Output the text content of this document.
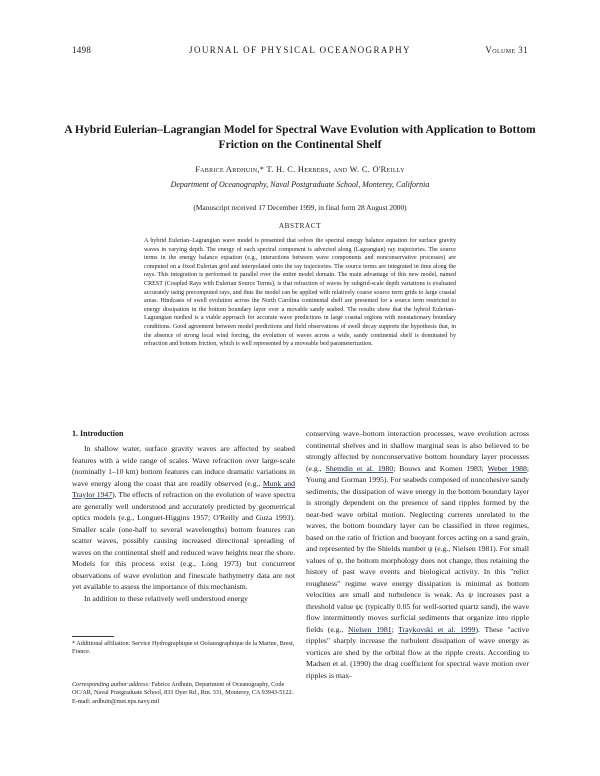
1498	JOURNAL OF PHYSICAL OCEANOGRAPHY	Volume 31
A Hybrid Eulerian–Lagrangian Model for Spectral Wave Evolution with Application to Bottom Friction on the Continental Shelf
Fabrice Ardhuin,* T. H. C. Herbers, and W. C. O'Reilly
Department of Oceanography, Naval Postgraduate School, Monterey, California
(Manuscript received 17 December 1999, in final form 28 August 2000)
ABSTRACT
A hybrid Eulerian–Lagrangian wave model is presented that solves the spectral energy balance equation for surface gravity waves in varying depth. The energy of each spectral component is advected along (Lagrangian) ray trajectories. The source terms in the energy balance equation (e.g., interactions between wave components and nonconservative processes) are computed on a fixed Eulerian grid and interpolated onto the ray trajectories. The source terms are integrated in time along the rays. This integration is performed in parallel over the entire model domain. The main advantage of this new model, named CREST (Coupled Rays with Eulerian Source Terms), is that refraction of waves by subgrid-scale depth variations is evaluated accurately using precomputed rays, and thus the model can be applied with relatively coarse source term grids to large coastal areas. Hindcasts of swell evolution across the North Carolina continental shelf are presented for a source term restricted to energy dissipation in the bottom boundary layer over a movable sandy seabed. The results show that the hybrid Eulerian–Lagrangian method is a viable approach for accurate wave predictions in large coastal regions with nonstationary boundary conditions. Good agreement between model predictions and field observations of swell decay supports the hypothesis that, in the absence of strong local wind forcing, the evolution of waves across a wide, sandy continental shelf is dominated by refraction and bottom friction, which is well represented by a moveable bed parameterization.
1. Introduction

In shallow water, surface gravity waves are affected by seabed features with a wide range of scales. Wave refraction over large-scale (nominally 1–10 km) bottom features can induce dramatic variations in wave energy along the coast that are readily observed (e.g., Munk and Traylor 1947). The effects of refraction on the evolution of wave spectra are generally well understood and accurately predicted by geometrical optics models (e.g., Longuet-Higgins 1957; O'Reilly and Guza 1993). Smaller scale (one-half to several wavelengths) bottom features can scatter waves, possibly causing increased directional spreading of waves on the continental shelf and reduced wave heights near the shore. Models for this process exist (e.g., Long 1973) but concurrent observations of wave evolution and finescale bathymetry data are not yet available to assess the importance of this mechanism.

In addition to these relatively well understood energy

conserving wave–bottom interaction processes, wave evolution across continental shelves and in shallow marginal seas is also believed to be strongly affected by nonconservative bottom boundary layer processes (e.g., Shemdin et al. 1980; Bouws and Komen 1983; Weber 1988; Young and Gorman 1995). For seabeds composed of noncohesive sandy sediments, the dissipation of wave energy in the bottom boundary layer is strongly dependent on the presence of sand ripples formed by the near-bed wave orbital motion. Neglecting currents unrelated to the waves, the bottom boundary layer can be classified in three regimes, based on the ratio of friction and buoyant forces acting on a sand grain, and represented by the Shields number ψ (e.g., Nielsen 1981). For small values of ψ, the bottom morphology does not change, thus retaining the history of past wave events and biological activity. In this "relict roughness" regime wave energy dissipation is minimal as bottom velocities are small and turbulence is weak. As ψ increases past a threshold value ψc (typically 0.05 for well-sorted quartz sand), the wave flow intermittently moves surficial sediments that organize into ripple fields (e.g., Nielsen 1981; Traykovski et al. 1999). These "active ripples" sharply increase the turbulent dissipation of wave energy as vortices are shed by the orbital flow at the ripple crests. According to Madsen et al. (1990) the drag coefficient for spectral wave motion over ripples is max-

* Additional affiliation: Service Hydrographique et Océanographique de la Marine, Brest, France.
Corresponding author address: Fabrice Ardhuin, Department of Oceanography, Code OC/AR, Naval Postgraduate School, 833 Dyer Rd., Rm. 331, Monterey, CA 93943-5122.
E-mail: ardhuin@met.nps.navy.mil
